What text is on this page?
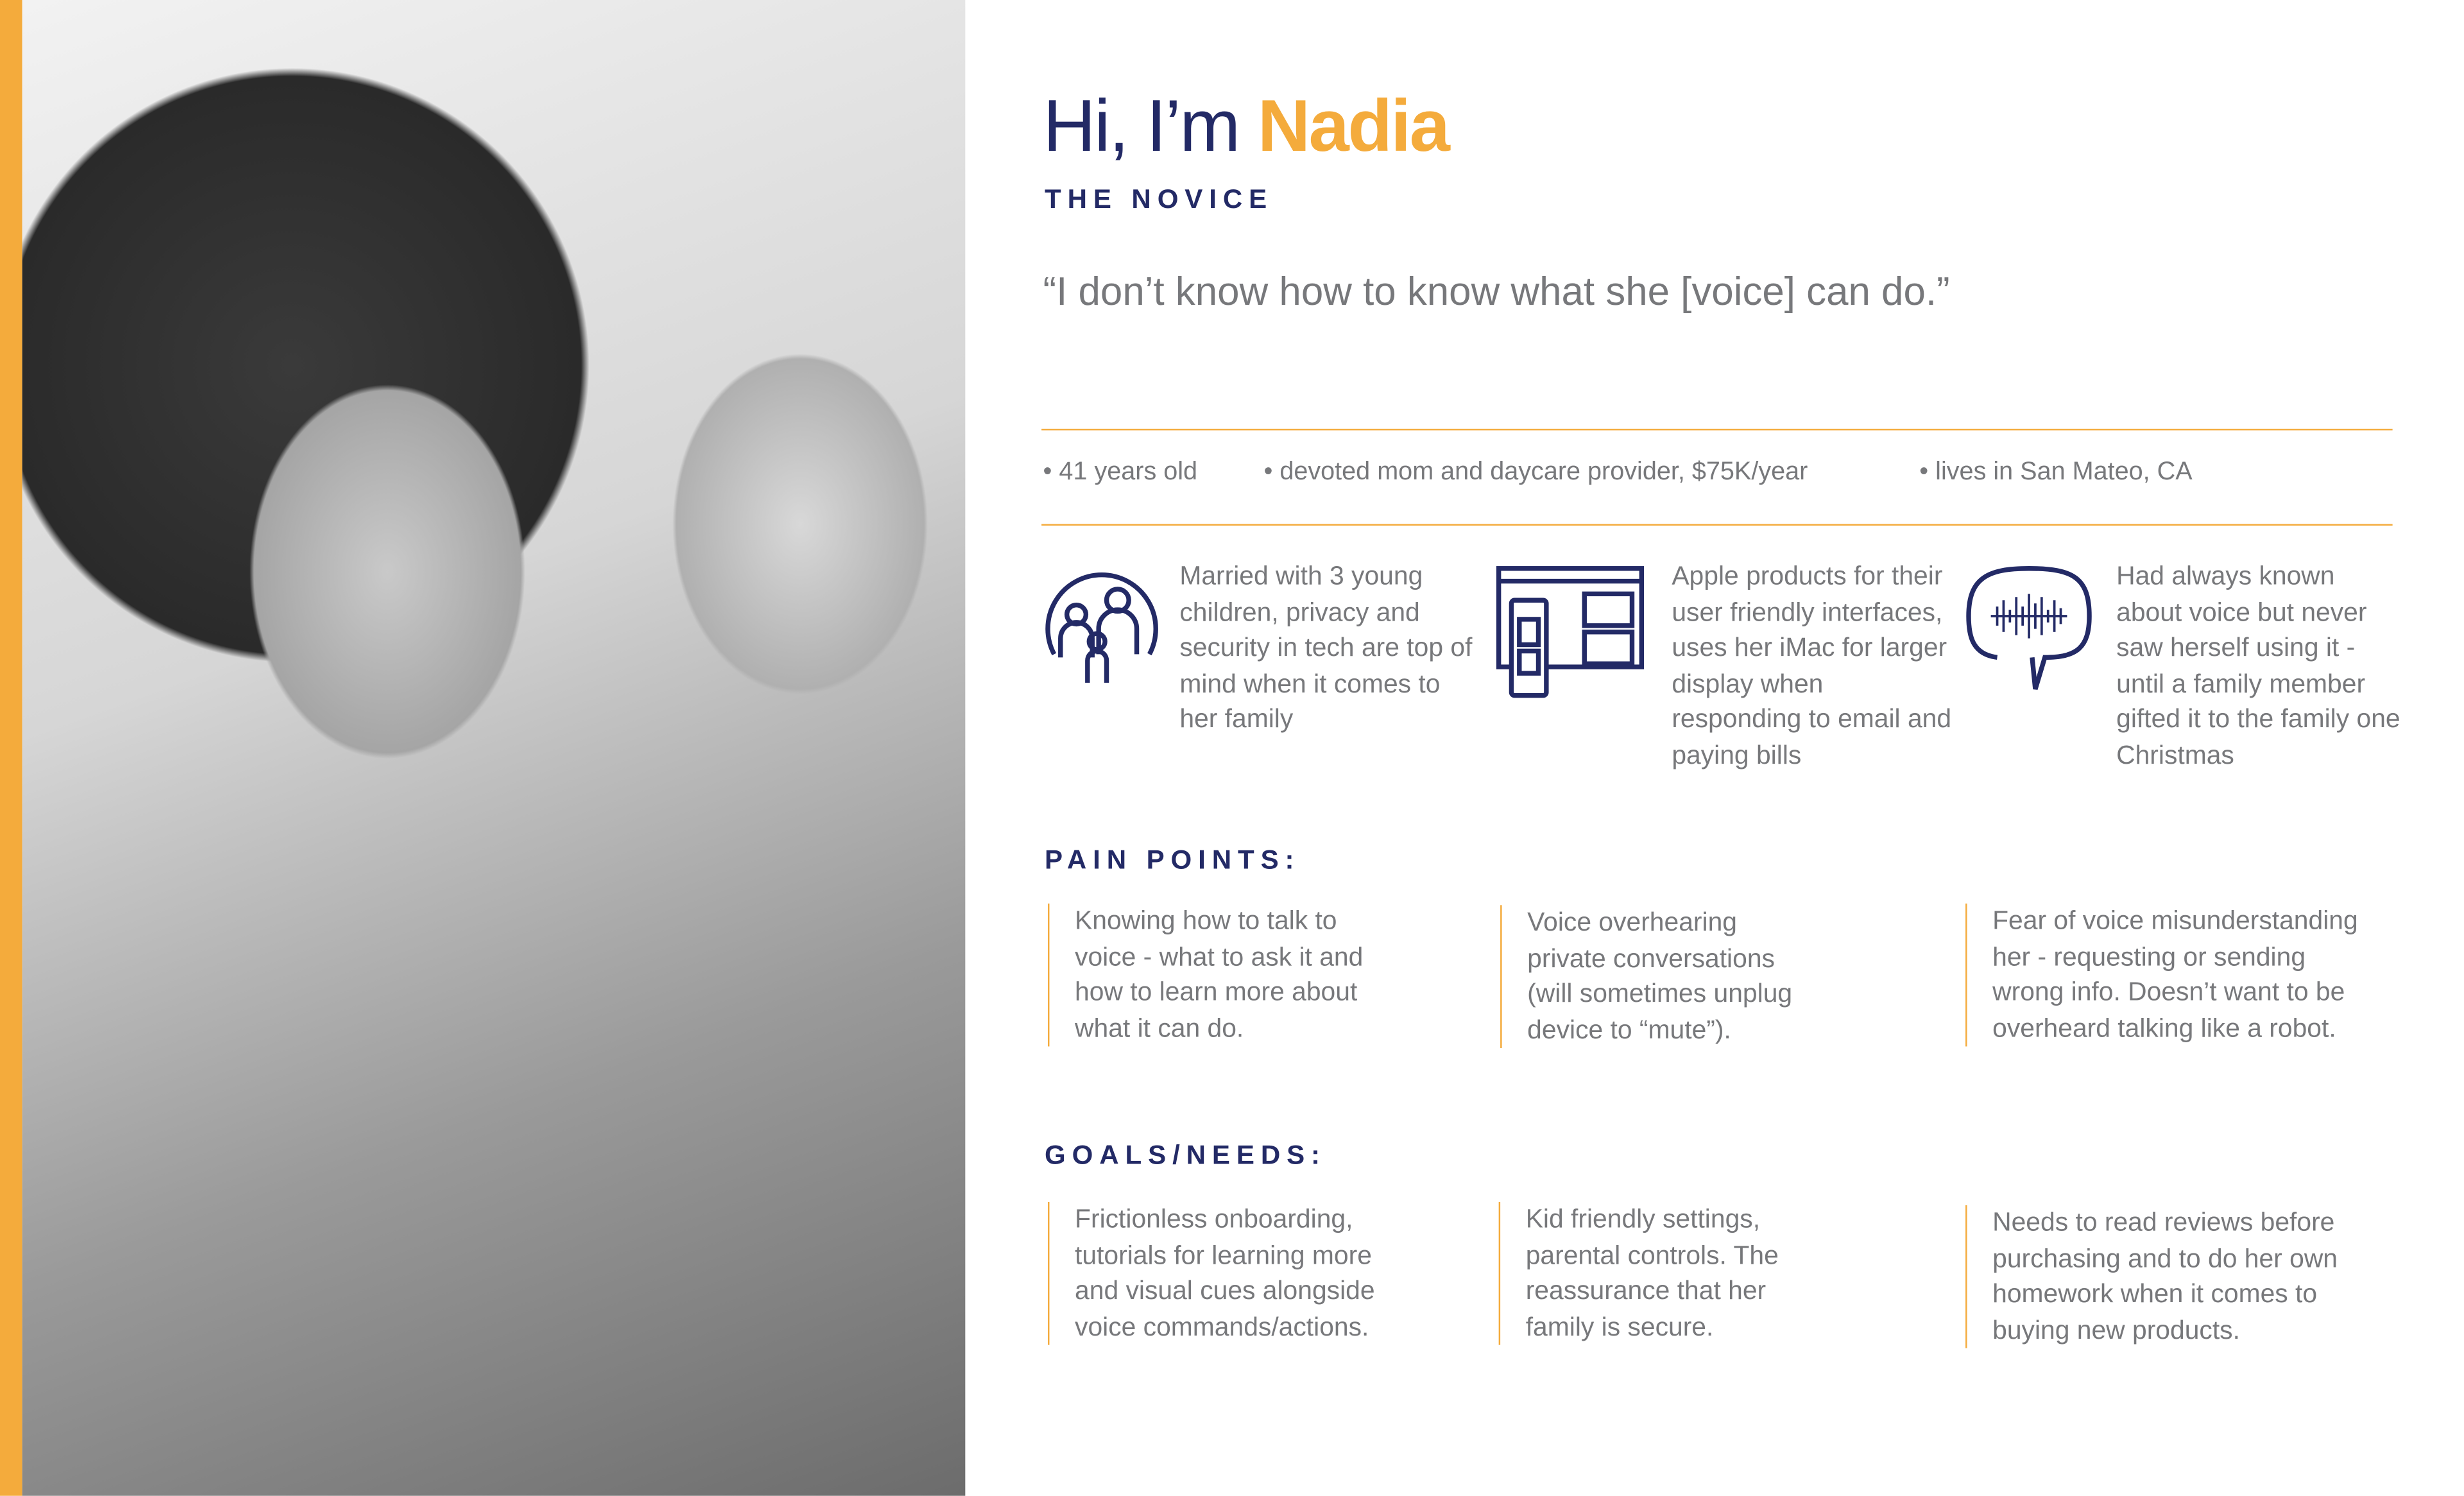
Hi, I’m Nadia
THE NOVICE
“I don’t know how to know what she [voice] can do.”
• 41 years old	• devoted mom and daycare provider, $75K/year	• lives in San Mateo, CA
Married with 3 young children, privacy and security in tech are top of mind when it comes to her family
Apple products for their user friendly interfaces, uses her iMac for larger display when responding to email and paying bills
Had always known about voice but never saw herself using it - until a family member gifted it to the family one Christmas
PAIN POINTS:
Knowing how to talk to voice - what to ask it and how to learn more about what it can do.
Voice overhearing private conversations (will sometimes unplug device to “mute”).
Fear of voice misunderstanding her - requesting or sending wrong info. Doesn’t want to be overheard talking like a robot.
GOALS/NEEDS:
Frictionless onboarding, tutorials for learning more and visual cues alongside voice commands/actions.
Kid friendly settings, parental controls. The reassurance that her family is secure.
Needs to read reviews before purchasing and to do her own homework when it comes to buying new products.
